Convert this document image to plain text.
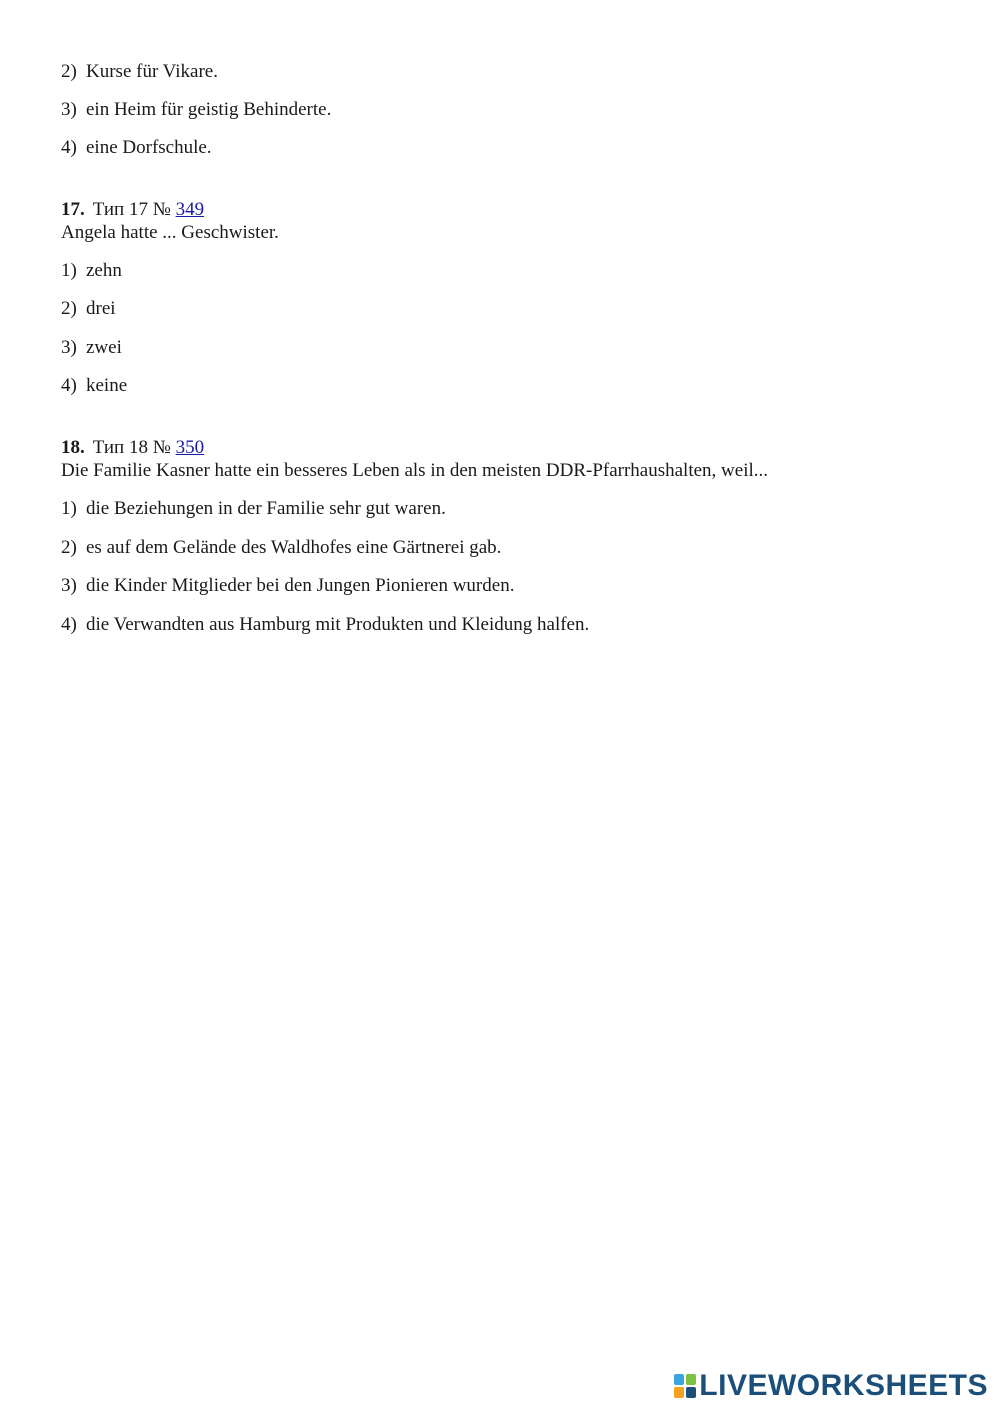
2) Kurse für Vikare.
3) ein Heim für geistig Behinderte.
4) eine Dorfschule.
17. Тип 17 № 349
Angela hatte ... Geschwister.
1) zehn
2) drei
3) zwei
4) keine
18. Тип 18 № 350
Die Familie Kasner hatte ein besseres Leben als in den meisten DDR-Pfarrhaushalten, weil...
1) die Beziehungen in der Familie sehr gut waren.
2) es auf dem Gelände des Waldhofes eine Gärtnerei gab.
3) die Kinder Mitglieder bei den Jungen Pionieren wurden.
4) die Verwandten aus Hamburg mit Produkten und Kleidung halfen.
LIVEWORKSHEETS
